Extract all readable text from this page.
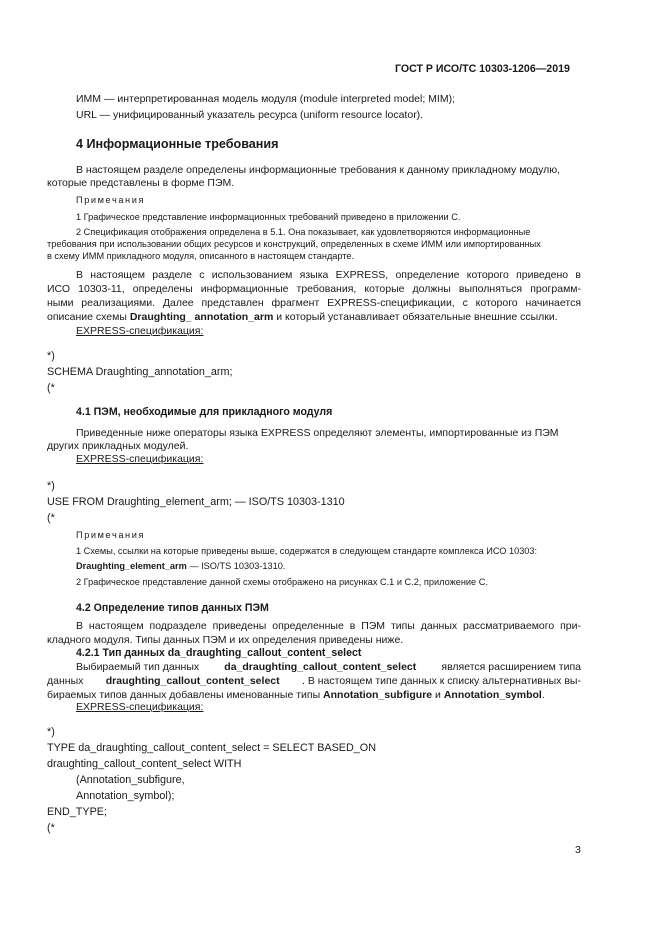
ГОСТ Р ИСО/ТС 10303-1206—2019
ИММ — интерпретированная модель модуля (module interpreted model; MIM);
URL — унифицированный указатель ресурса (uniform resource locator).
4 Информационные требования
В настоящем разделе определены информационные требования к данному прикладному модулю,
которые представлены в форме ПЭМ.
Примечания
1 Графическое представление информационных требований приведено в приложении С.
2 Спецификация отображения определена в 5.1. Она показывает, как удовлетворяются информационные
требования при использовании общих ресурсов и конструкций, определенных в схеме ИММ или импортированных
в схему ИММ прикладного модуля, описанного в настоящем стандарте.
В настоящем разделе с использованием языка EXPRESS, определение которого приведено в
ИСО 10303-11, определены информационные требования, которые должны выполняться программ-
ными реализациями. Далее представлен фрагмент EXPRESS-спецификации, с которого начинается
описание схемы Draughting_ annotation_arm и который устанавливает обязательные внешние ссылки.
EXPRESS-спецификация:
*)
SCHEMA Draughting_annotation_arm;
(*
4.1 ПЭМ, необходимые для прикладного модуля
Приведенные ниже операторы языка EXPRESS определяют элементы, импортированные из ПЭМ
других прикладных модулей.
EXPRESS-спецификация:
*)
USE FROM Draughting_element_arm; — ISO/TS 10303-1310
(*
Примечания
1 Схемы, ссылки на которые приведены выше, содержатся в следующем стандарте комплекса ИСО 10303:
Draughting_element_arm — ISO/TS 10303-1310.
2 Графическое представление данной схемы отображено на рисунках С.1 и С.2, приложение С.
4.2 Определение типов данных ПЭМ
В настоящем подразделе приведены определенные в ПЭМ типы данных рассматриваемого при-
кладного модуля. Типы данных ПЭМ и их определения приведены ниже.
4.2.1 Тип данных da_draughting_callout_content_select
Выбираемый тип данных da_draughting_callout_content_select является расширением типа
данных draughting_callout_content_select . В настоящем типе данных к списку альтернативных вы-
бираемых типов данных добавлены именованные типы Annotation_subfigure и Annotation_symbol.
EXPRESS-спецификация:
*)
TYPE da_draughting_callout_content_select = SELECT BASED_ON
draughting_callout_content_select WITH
(Annotation_subfigure,
Annotation_symbol);
END_TYPE;
(*
3
